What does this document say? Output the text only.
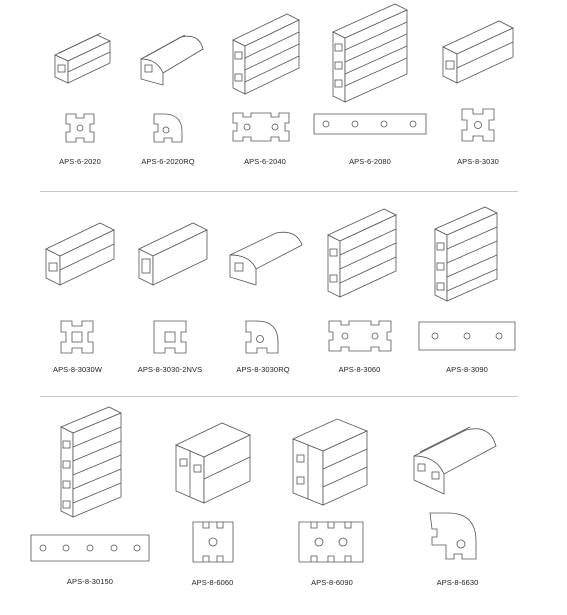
APS-6-2020	APS-6-2020RQ	APS-6-2040	APS-6-2080	APS-8-3030
APS-8-3030W	APS-8-3030-2NVS	APS-8-3030RQ	APS-8-3060	APS-8-3090
APS-8-30150	APS-8-6060	APS-8-6090	APS-8-6630
